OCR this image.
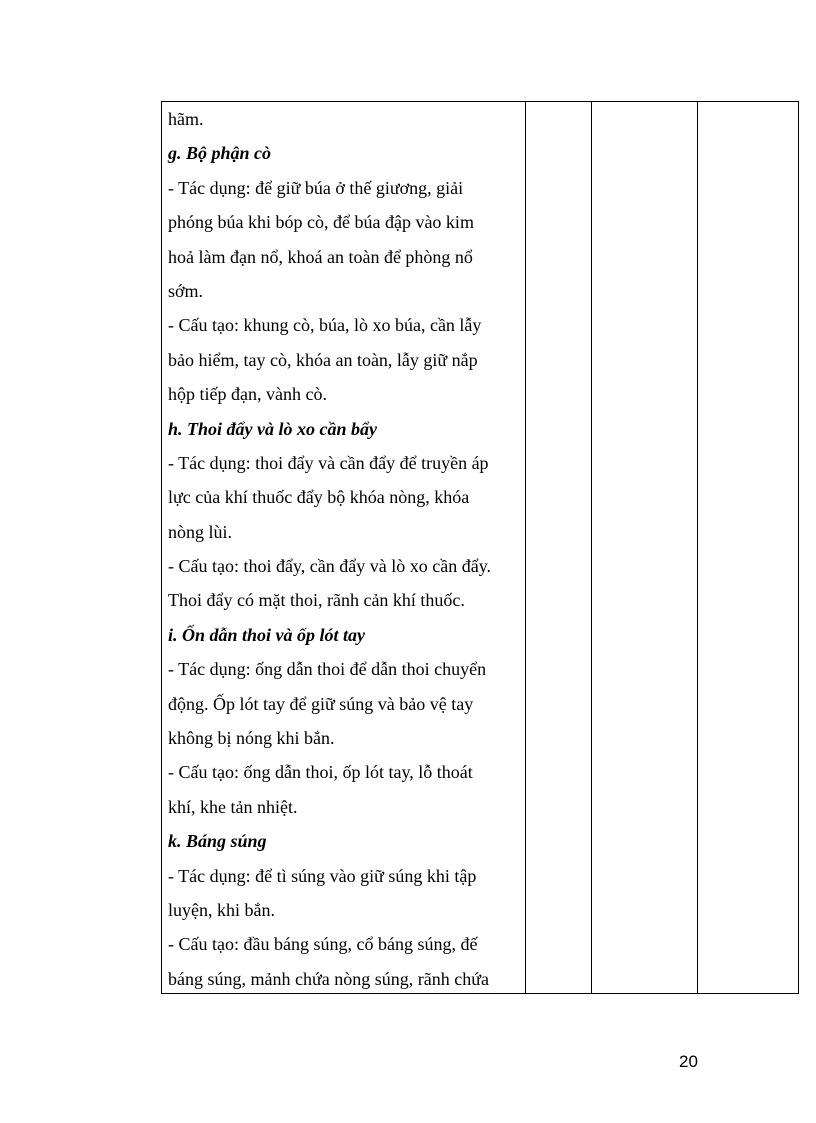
hãm.
g. Bộ phận cò
- Tác dụng: để giữ búa ở thế giương, giải
phóng búa khi bóp cò, để búa đập vào kim
hoả làm đạn nổ, khoá an toàn để phòng nổ
sớm.
- Cấu tạo: khung cò, búa, lò xo búa, cần lẫy
bảo hiểm, tay cò, khóa an toàn, lẫy giữ nắp
hộp tiếp đạn, vành cò.
h. Thoi đẩy và lò xo cần bẩy
- Tác dụng: thoi đẩy và cần đẩy để truyền áp
lực của khí thuốc đẩy bộ khóa nòng, khóa
nòng lùi.
- Cấu tạo: thoi đẩy, cần đẩy và lò xo cần đẩy.
Thoi đẩy có mặt thoi, rãnh cản khí thuốc.
i. Ốn dẫn thoi và ốp lót tay
- Tác dụng: ống dẫn thoi để dẫn thoi chuyển
động. Ốp lót tay để giữ súng và bảo vệ tay
không bị nóng khi bắn.
- Cấu tạo: ống dẫn thoi, ốp lót tay, lỗ thoát
khí, khe tản nhiệt.
k. Báng súng
- Tác dụng: để tì súng vào giữ súng khi tập
luyện, khi bắn.
- Cấu tạo: đầu báng súng, cổ báng súng, đế
báng súng, mảnh chứa nòng súng, rãnh chứa
20
